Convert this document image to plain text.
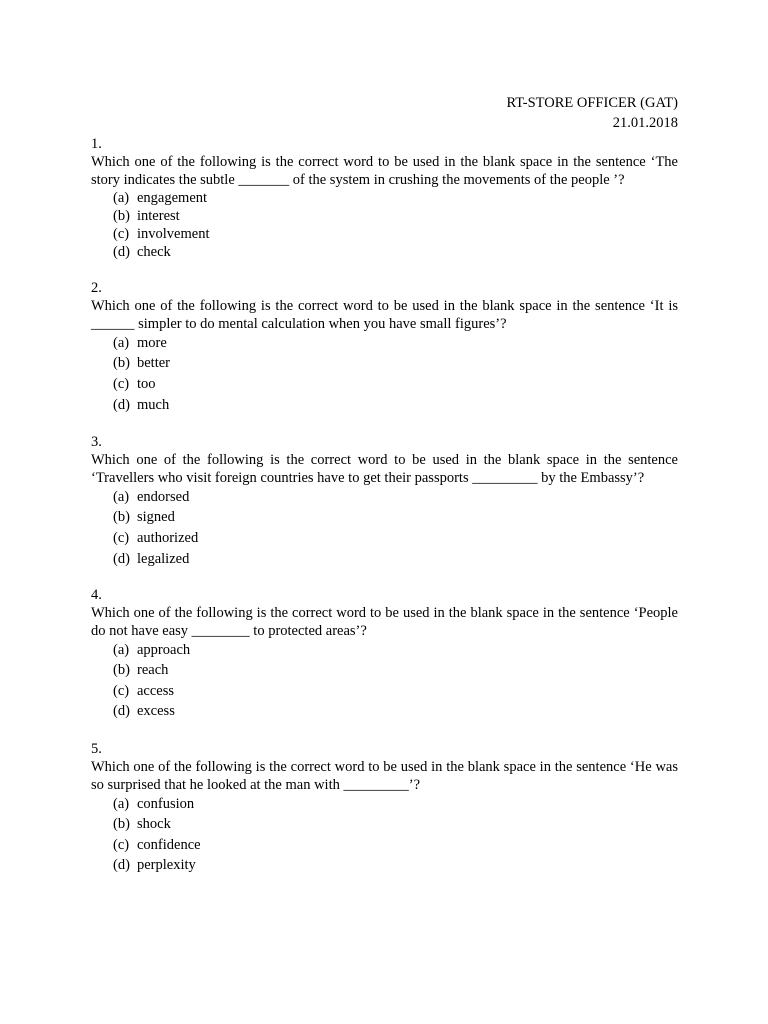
RT-STORE OFFICER (GAT)
21.01.2018
1.
Which one of the following is the correct word to be used in the blank space in the sentence ‘The story indicates the subtle _______ of the system in crushing the movements of the people ’?
(a) engagement
(b) interest
(c) involvement
(d) check
2.
Which one of the following is the correct word to be used in the blank space in the sentence ‘It is ______ simpler to do mental calculation when you have small figures’?
(a) more
(b) better
(c) too
(d) much
3.
Which one of the following is the correct word to be used in the blank space in the sentence ‘Travellers who visit foreign countries have to get their passports _________ by the Embassy’?
(a) endorsed
(b) signed
(c) authorized
(d) legalized
4.
Which one of the following is the correct word to be used in the blank space in the sentence ‘People do not have easy ________ to protected areas’?
(a) approach
(b) reach
(c) access
(d) excess
5.
Which one of the following is the correct word to be used in the blank space in the sentence ‘He was so surprised that he looked at the man with _________’?
(a) confusion
(b) shock
(c) confidence
(d) perplexity
